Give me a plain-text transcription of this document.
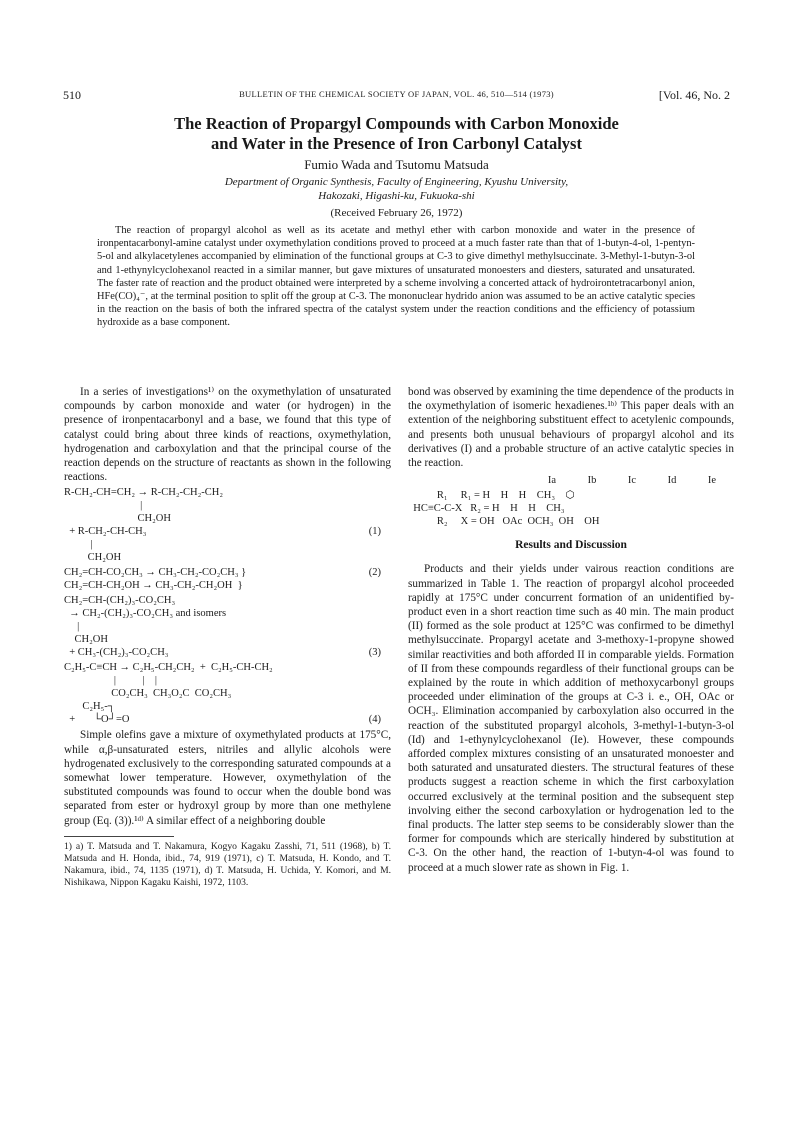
510	BULLETIN OF THE CHEMICAL SOCIETY OF JAPAN, VOL. 46, 510—514 (1973)	[Vol. 46, No. 2
The Reaction of Propargyl Compounds with Carbon Monoxide
and Water in the Presence of Iron Carbonyl Catalyst
Fumio Wada and Tsutomu Matsuda
Department of Organic Synthesis, Faculty of Engineering, Kyushu University,
Hakozaki, Higashi-ku, Fukuoka-shi
(Received February 26, 1972)

The reaction of propargyl alcohol as well as its acetate and methyl ether with carbon monoxide and water in the presence of ironpentacarbonyl-amine catalyst under oxymethylation conditions proved to proceed at a much faster rate than that of 1-butyn-4-ol, 1-pentyn-5-ol and alkylacetylenes accompanied by elimination of the functional groups at C-3 to give dimethyl methylsuccinate. 3-Methyl-1-butyn-3-ol and 1-ethynylcyclohexanol reacted in a similar manner, but gave mixtures of unsaturated monoesters and diesters, saturated and unsaturated. The faster rate of reaction and the product obtained were interpreted by a scheme involving a concerted attack of hydroirontetracarbonyl anion, HFe(CO)₄⁻, at the terminal position to split off the group at C-3. The mononuclear hydrido anion was assumed to be an active catalytic species in the reaction on the basis of both the infrared spectra of the catalyst system under the reaction conditions and the efficiency of potassium hydroxide as a base component.

In a series of investigations¹⁾ on the oxymethylation of unsaturated compounds by carbon monoxide and water (or hydrogen) in the presence of ironpentacarbonyl and a base, we found that this type of catalyst could bring about three kinds of reactions, oxymethylation, hydrogenation and carboxylation and that the principal course of the reaction depends on the structure of reactants as shown in the following reactions.

R-CH₂-CH=CH₂ → R-CH₂-CH₂-CH₂
|
CH₂OH
+ R-CH₂-CH-CH₃	(1)

|
CH₂OH
CH₂=CH-CO₂CH₃ → CH₃-CH₂-CO₂CH₃ }	(2)

CH₂=CH-CH₂OH → CH₃-CH₂-CH₂OH  }
CH₂=CH-(CH₂)₃-CO₂CH₃
→ CH₂-(CH₂)₃-CO₂CH₃ and isomers
|
CH₂OH
+ CH₃-(CH₂)₃-CO₂CH₃	(3)
C₂H₅-C≡CH → C₂H₅-CH₂CH₂  +  C₂H₅-CH-CH₂
|          |    |
CO₂CH₃  CH₃O₂C  CO₂CH₃
C₂H₅-┐
+       └O┘=O	(4)

Simple olefins gave a mixture of oxymethylated products at 175°C, while α,β-unsaturated esters, nitriles and allylic alcohols were hydrogenated exclusively to the corresponding saturated compounds at a somewhat lower temperature. However, oxymethylation of the substituted compounds was found to occur when the double bond was separated from ester or hydroxyl group by more than one methylene group (Eq. (3)).¹ᵈ⁾ A similar effect of a neighboring double

1) a) T. Matsuda and T. Nakamura, Kogyo Kagaku Zasshi, 71, 511 (1968), b) T. Matsuda and H. Honda, ibid., 74, 919 (1971), c) T. Matsuda, H. Kondo, and T. Nakamura, ibid., 74, 1135 (1971), d) T. Matsuda, H. Uchida, Y. Komori, and M. Nishikawa, Nippon Kagaku Kaishi, 1972, 1103.

bond was observed by examining the time dependence of the products in the oxymethylation of isomeric hexadienes.¹ᵇ⁾ This paper deals with an extention of the neighboring substituent effect to acetylenic compounds, and presents both unusual behaviours of propargyl alcohol and its derivatives (I) and a probable structure of an active catalytic species in the reaction.

Ia	Ib	Ic	Id	Ie
R₁     R₁ = H    H    H    CH₃    ⬡
HC≡C-C-X   R₂ = H    H    H    CH₃
R₂     X = OH   OAc  OCH₃  OH    OH
Results and Discussion

Products and their yields under vairous reaction conditions are summarized in Table 1. The reaction of propargyl alcohol proceeded rapidly at 175°C under concurrent formation of an unidentified by-product even in a short reaction time such as 40 min. The main product (II) formed as the sole product at 125°C was confirmed to be dimethyl methylsuccinate. Propargyl acetate and 3-methoxy-1-propyne showed similar reactivities and both afforded II in comparable yields. Formation of II from these compounds regardless of their functional groups can be explained by the route in which addition of methoxycarbonyl groups proceeded under elimination of the groups at C-3 i. e., OH, OAc or OCH₃. Elimination accompanied by carboxylation also occurred in the reaction of the substituted propargyl alcohols, 3-methyl-1-butyn-3-ol (Id) and 1-ethynylcyclohexanol (Ie). However, these compounds afforded complex mixtures consisting of an unsaturated monoester and both saturated and unsaturated diesters. The structural features of these products suggest a reaction scheme in which the first carboxylation occurred exclusively at the terminal position and the subsequent step involving either the second carboxylation or hydrogenation led to the final products. The latter step seems to be considerably slower than the former for compounds which are sterically hindered by substitution at C-3. On the other hand, the reaction of 1-butyn-4-ol was found to proceed at a much slower rate as shown in Fig. 1.
